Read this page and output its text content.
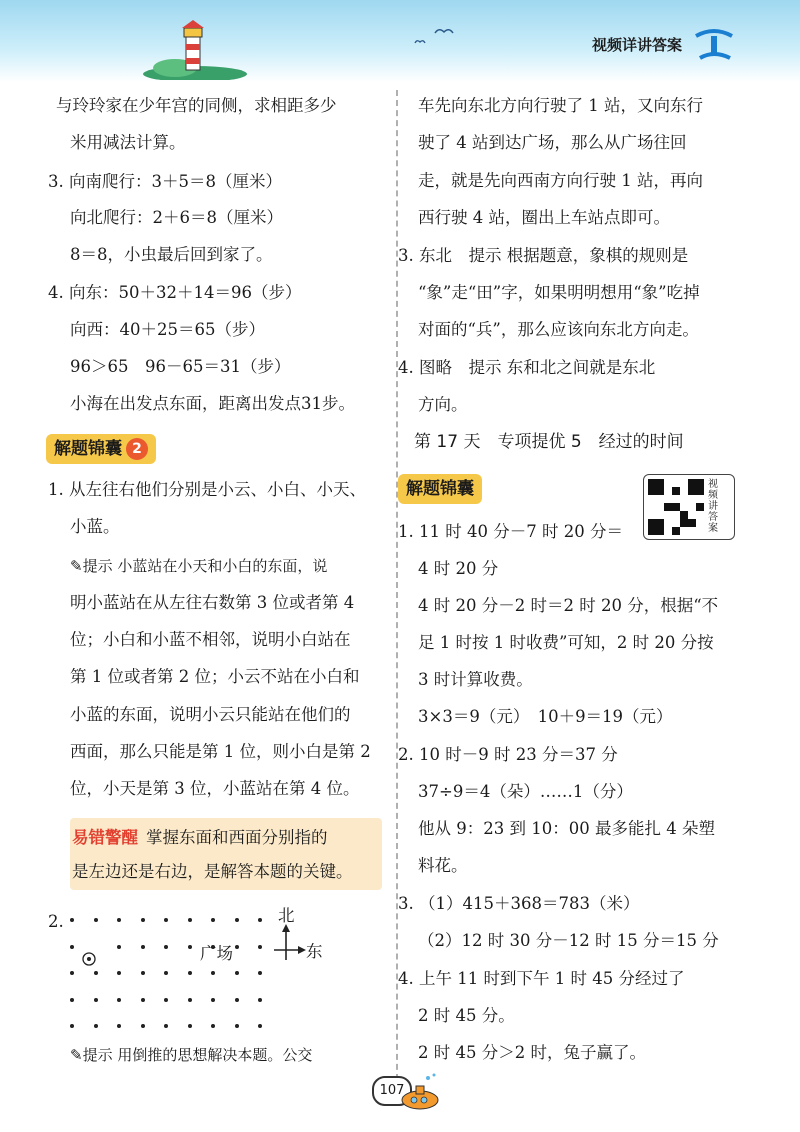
视频详讲答案
与玲玲家在少年宫的同侧，求相距多少
米用减法计算。
3. 向南爬行：3＋5＝8（厘米）
向北爬行：2＋6＝8（厘米）
8＝8，小虫最后回到家了。
4. 向东：50＋32＋14＝96（步）
向西：40＋25＝65（步）
96＞65　96－65＝31（步）
小海在出发点东面，距离出发点31步。
解题锦囊 2
1. 从左往右他们分别是小云、小白、小天、
小蓝。
✎提示 小蓝站在小天和小白的东面，说
明小蓝站在从左往右数第 3 位或者第 4
位；小白和小蓝不相邻，说明小白站在
第 1 位或者第 2 位；小云不站在小白和
小蓝的东面，说明小云只能站在他们的
西面，那么只能是第 1 位，则小白是第 2
位，小天是第 3 位，小蓝站在第 4 位。
易错警醒 掌握东面和西面分别指的
是左边还是右边，是解答本题的关键。
2.
广场
北
东
✎提示 用倒推的思想解决本题。公交
车先向东北方向行驶了 1 站，又向东行
驶了 4 站到达广场，那么从广场往回
走，就是先向西南方向行驶 1 站，再向
西行驶 4 站，圈出上车站点即可。
3. 东北　提示 根据题意，象棋的规则是
“象”走“田”字，如果明明想用“象”吃掉
对面的“兵”，那么应该向东北方向走。
4. 图略　提示 东和北之间就是东北
方向。
第 17 天　专项提优 5　经过的时间
解题锦囊	视频讲答案
1. 11 时 40 分－7 时 20 分＝
4 时 20 分
4 时 20 分－2 时＝2 时 20 分，根据“不
足 1 时按 1 时收费”可知，2 时 20 分按
3 时计算收费。
3×3＝9（元）　10＋9＝19（元）
2. 10 时－9 时 23 分＝37 分
37÷9＝4（朵）……1（分）
他从 9：23 到 10：00 最多能扎 4 朵塑
料花。
3. （1）415＋368＝783（米）
（2）12 时 30 分－12 时 15 分＝15 分
4. 上午 11 时到下午 1 时 45 分经过了
2 时 45 分。
2 时 45 分＞2 时，兔子赢了。
107
